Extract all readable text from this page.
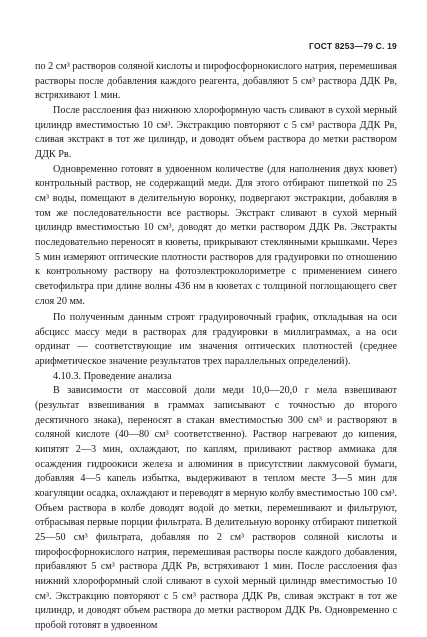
ГОСТ 8253—79 С. 19

по 2 см³ растворов соляной кислоты и пирофосфорнокислого натрия, перемешивая растворы после добавления каждого реагента, добавляют 5 см³ раствора ДДК Рв, встряхивают 1 мин.

После расслоения фаз нижнюю хлороформную часть сливают в сухой мерный цилиндр вместимостью 10 см³. Экстракцию повторяют с 5 см³ раствора ДДК Рв, сливая экстракт в тот же цилиндр, и доводят объем раствора до метки раствором ДДК Рв.

Одновременно готовят в удвоенном количестве (для наполнения двух кювет) контрольный раствор, не содержащий меди. Для этого отбирают пипеткой по 25 см³ воды, помещают в делительную воронку, подвергают экстракции, добавляя в том же последовательности все растворы. Экстракт сливают в сухой мерный цилиндр вместимостью 10 см³, доводят до метки раствором ДДК Рв. Экстракты последовательно переносят в кюветы, прикрывают стеклянными крышками. Через 5 мин измеряют оптические плотности растворов для градуировки по отношению к контрольному раствору на фотоэлектроколориметре с применением синего светофильтра при длине волны 436 нм в кюветах с толщиной поглощающего свет слоя 20 мм.

По полученным данным строят градуировочный график, откладывая на оси абсцисс массу меди в растворах для градуировки в миллиграммах, а на оси ординат — соответствующие им значения оптических плотностей (среднее арифметическое значение результатов трех параллельных определений).

4.10.3. Проведение анализа

В зависимости от массовой доли меди 10,0—20,0 г мела взвешивают (результат взвешивания в граммах записывают с точностью до второго десятичного знака), переносят в стакан вместимостью 300 см³ и растворяют в соляной кислоте (40—80 см³ соответственно). Раствор нагревают до кипения, кипятят 2—3 мин, охлаждают, по каплям, приливают раствор аммиака для осаждения гидроокиси железа и алюминия в присутствии лакмусовой бумаги, добавляя 4—5 капель избытка, выдерживают в теплом месте 3—5 мин для коагуляции осадка, охлаждают и переводят в мерную колбу вместимостью 100 см³. Объем раствора в колбе доводят водой до метки, перемешивают и фильтруют, отбрасывая первые порции фильтрата. В делительную воронку отбирают пипеткой 25—50 см³ фильтрата, добавляя по 2 см³ растворов соляной кислоты и пирофосфорнокислого натрия, перемешивая растворы после каждого добавления, прибавляют 5 см³ раствора ДДК Рв, встряхивают 1 мин. После расслоения фаз нижний хлороформный слой сливают в сухой мерный цилиндр вместимостью 10 см³. Экстракцию повторяют с 5 см³ раствора ДДК Рв, сливая экстракт в тот же цилиндр, и доводят объем раствора до метки раствором ДДК Рв. Одновременно с пробой готовят в удвоенном
